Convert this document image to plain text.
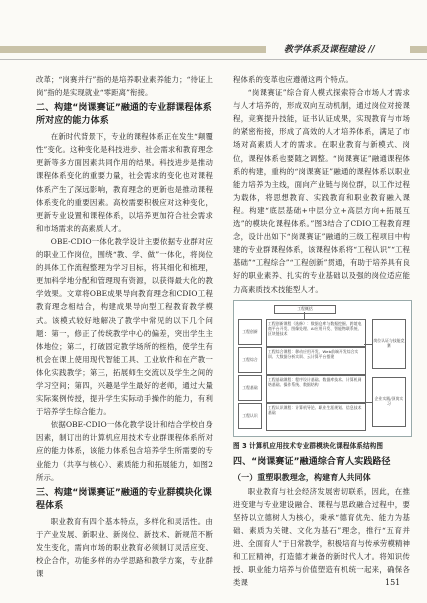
教学体系及课程建设 //

改革；“岗赛并行”指的是培养职业素养能力；“待证上岗”指的是实现就业“零距离”衔接。

二、构建“岗课赛证”融通的专业群课程体系所对应的能力体系

在新时代背景下，专业的课程体系正在发生“颠覆性”变化。这种变化是科技进步、社会需求和教育理念更新等多方面因素共同作用的结果。科技进步是推动课程体系变化的重要力量，社会需求的变化也对课程体系产生了深远影响，教育理念的更新也是推动课程体系变化的重要因素。高校需要积极应对这种变化，更新专业设置和课程体系，以培养更加符合社会需求和市场需求的高素质人才。

OBE-CDIO一体化教学设计主要依据专业群对应的职业工作岗位，围绕“教、学、做”一体化，将岗位的具体工作流程整理为学习目标，将其细化和梳理，更加科学地分配和管理现有资源，以获得最大化的教学效果。文章将OBE成果导向教育理念和CDIO工程教育理念相结合，构建成果导向型工程教育教学模式。该模式较好地解决了教学中常见的以下几个问题：第一，修正了传统教学中心的偏差，突出学生主体地位；第二，打破固定教学场所的桎梏，使学生有机会在课上使用现代智能工具、工业软件和在产教一体化实践教学；第三，拓展师生交流以及学生之间的学习空间；第四，兴趣是学生最好的老师，通过大量实际案例传授，提升学生实际动手操作的能力，有利于培养学生综合能力。

依据OBE-CDIO一体化教学设计和结合学校自身因素，制订出的计算机应用技术专业群课程体系所对应的能力体系，该能力体系包含培养学生所需要的专业能力（共享与核心）、素质能力和拓展能力，如图2所示。

三、构建“岗课赛证”融通的专业群模块化课程体系

职业教育有四个基本特点，多样化和灵活性。由于产业发展、新职业、新岗位、新技术、新规范不断发生变化，需向市场的职业教育必须制订灵活应变、校企合作，功能多样的办学思路和教学方案，专业群课

程体系的变革也应遵循这两个特点。

“岗课赛证”综合育人模式探索符合市场人才需求与人才培养的，形成双向互动机制，通过岗位对接课程，竞赛提升技能，证书认证成果，实现教育与市场的紧密衔接，形成了高效的人才培养体系，满足了市场对高素质人才的需求。在职业教育与新模式、岗位，课程体系也要随之调整。“岗课赛证”融通课程体系的构建，重构的“岗课赛证”融通的课程体系以职业能力培养为主线，面向产业链与岗位群，以工作过程为载体，将思想教育、实践教育和职业教育融入课程。构建“底层基础+中层分立+高层方向+拓展互选”的模块化课程体系。”图3结合了CDIO工程教育理念，设计出如下“岗课赛证”融通的三级工程项目中构建的专业群课程体系，该课程体系将“工程认识”“工程基础”“工程综合”“工程创新”贯通，有助于培养具有良好的职业素养、扎实的专业基础以及强的岗位适应能力高素质技术技能型人才。

工程概括
工程创新
工程综合
工程基础
工程认识
工程创新课程（选修）：数据仓库与数据挖掘、跨境电商平台开发、图像处理、AI应用开发、智能物联系统、区块链技术
工程综合课程：移动应用开发、Web前端开发综合实训、大数据分析实训、云计算平台搭建
工程基础课程：程序设计基础、数据库技术、计算机网络基础、操作系统、数据结构
工程认识课程：计算机导论、职业生涯规划、信息技术基础
岗位认证与技能竞赛
企业实践/顶岗实习

图 3 计算机应用技术专业群模块化课程体系结构图

四、“岗课赛证”融通综合育人实践路径
（一）重塑职教理念，构建育人共同体

职业教育与社会经济发展密切联系，因此，在推进变建与专业建设融合、课程与思政融合过程中，要坚持以立德树人为核心，秉承“德育优先、能力为基础、素质为关键、文化为基石”理念，推行“五育并进、全面育人”于日常教学，积极培育与传承劳模精神和工匠精神，打造德才兼备的新时代人才。将知识传授、职业能力培养与价值塑造有机统一起来，确保各类课	151
